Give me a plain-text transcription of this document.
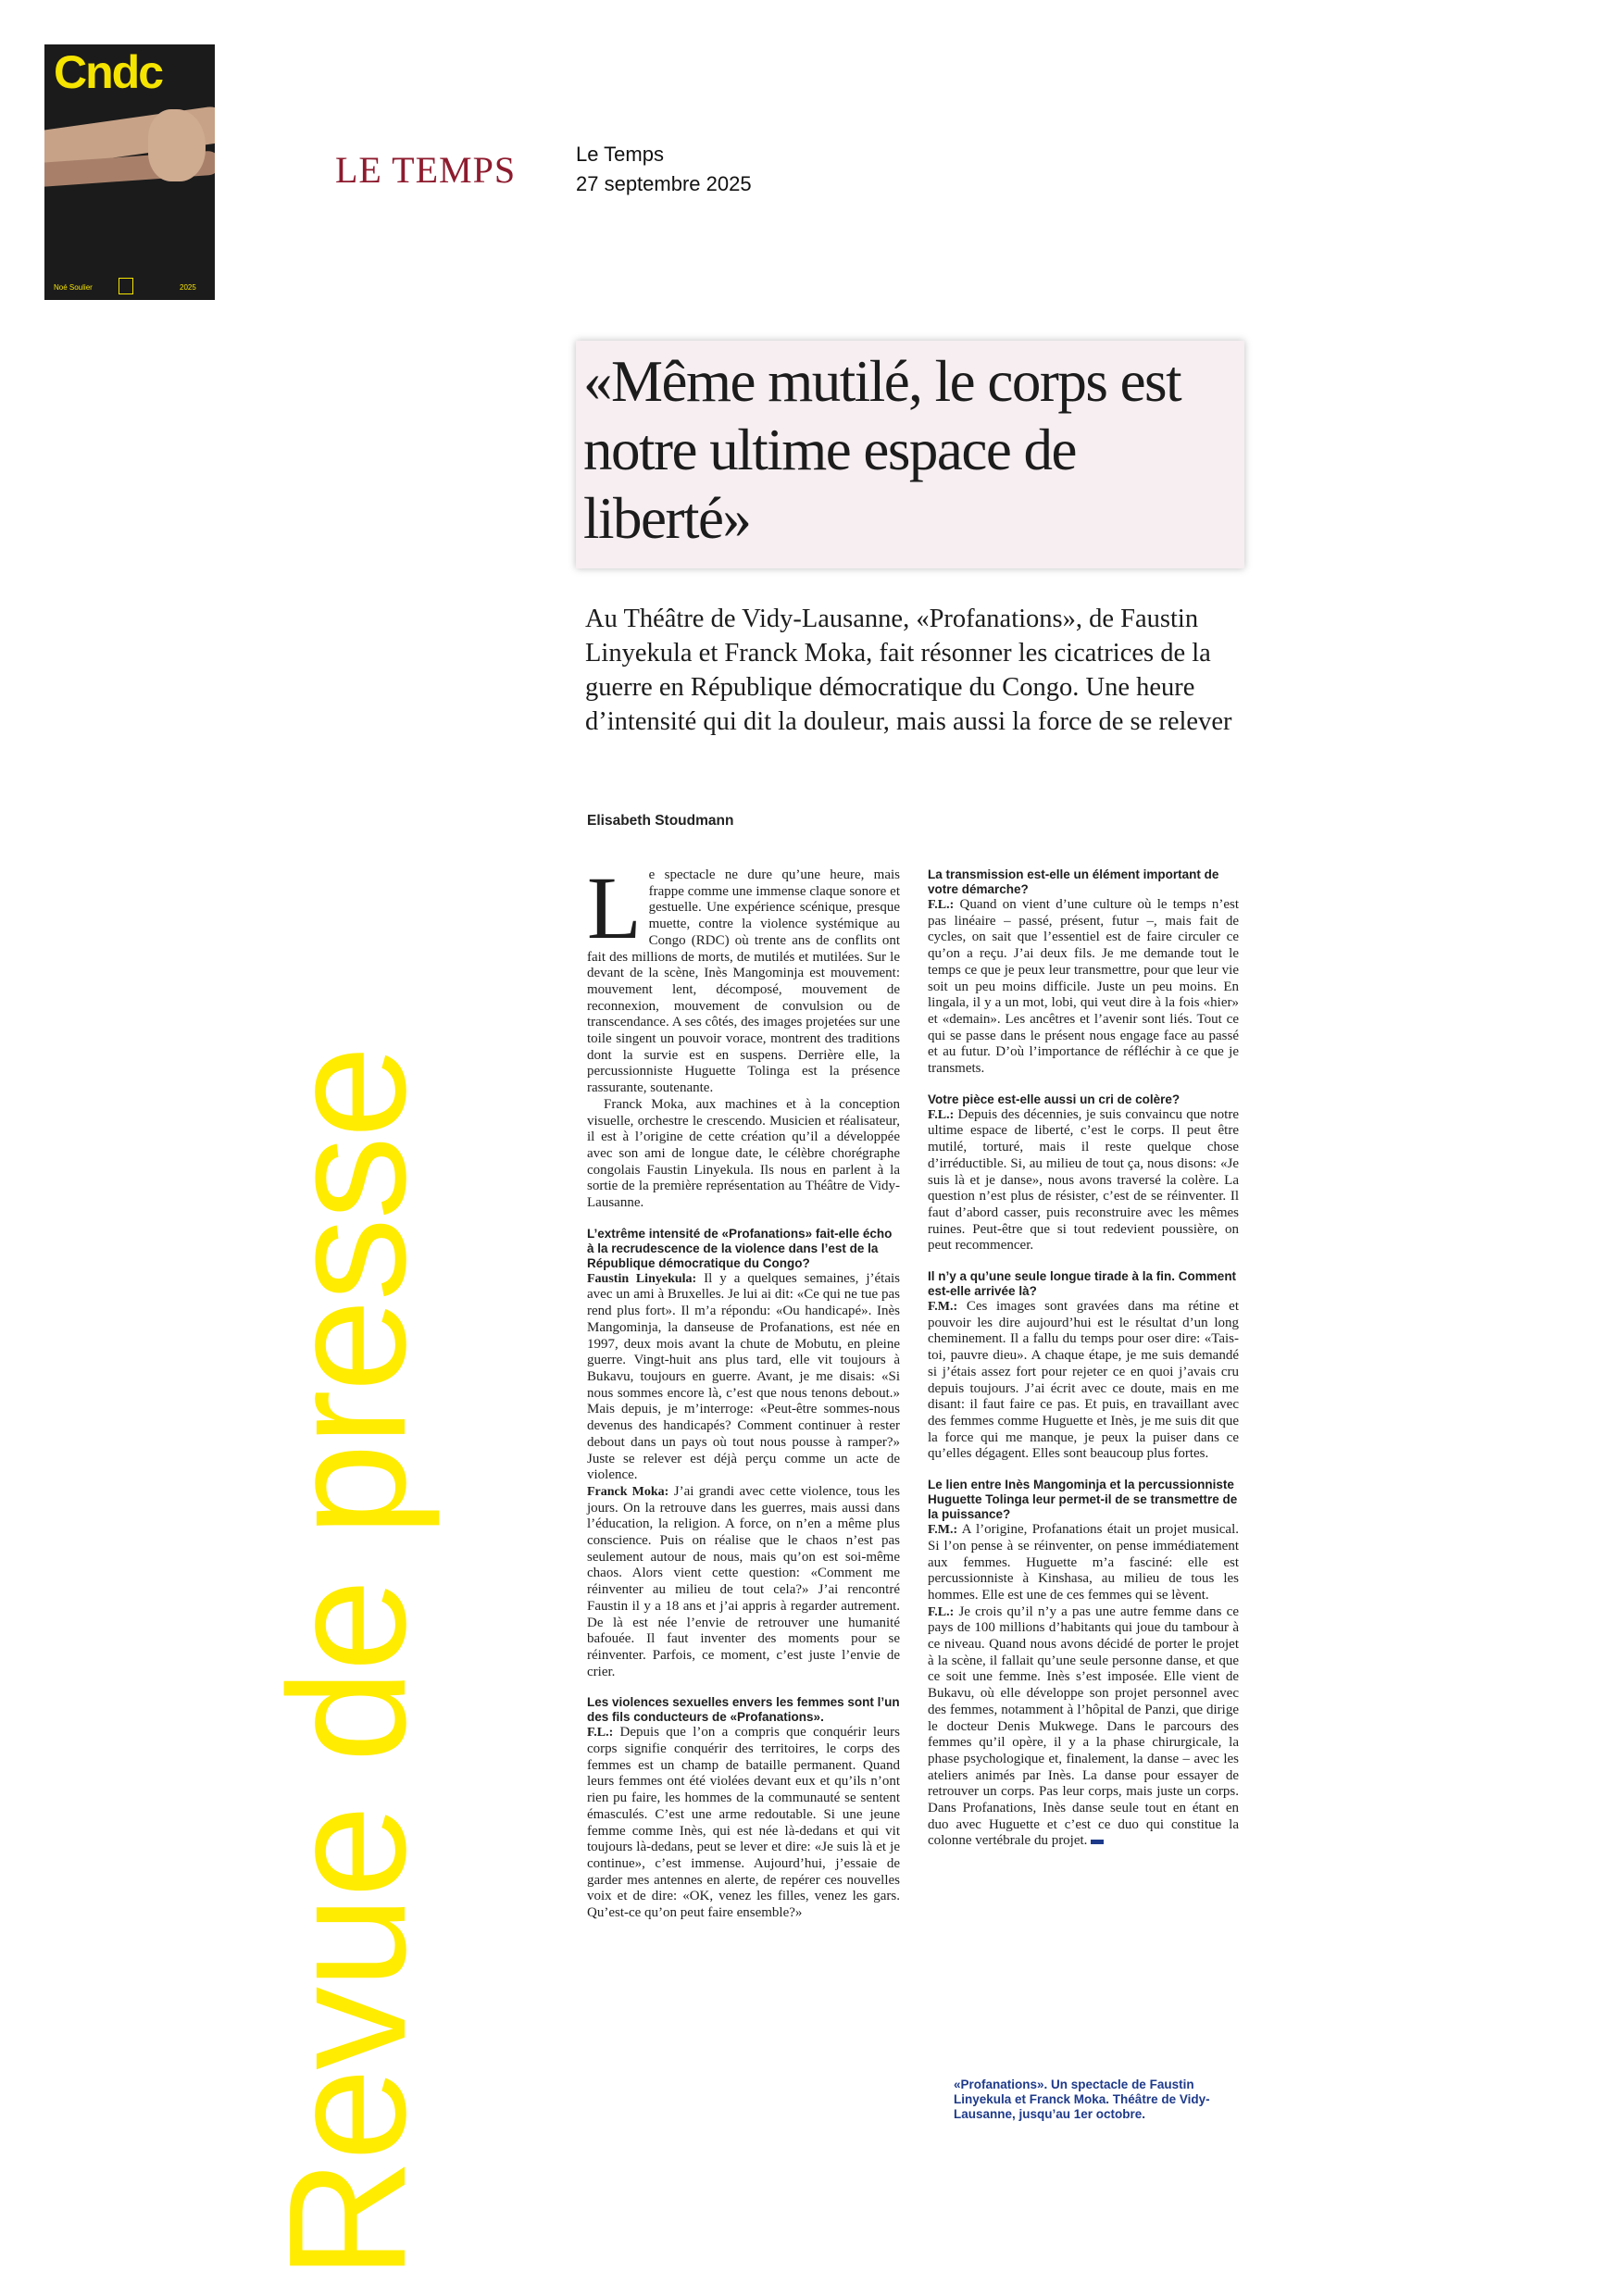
Cndc
Noé Soulier	2025
Revue de presse
LE TEMPS	Le Temps
27 septembre 2025
«Même mutilé, le corps est notre ultime espace de liberté»
Au Théâtre de Vidy-Lausanne, «Profanations», de Faustin Linyekula et Franck Moka, fait résonner les cicatrices de la guerre en République démocratique du Congo. Une heure d’intensité qui dit la douleur, mais aussi la force de se relever
Elisabeth Stoudmann

Le spectacle ne dure qu’une heure, mais frappe comme une immense claque sonore et gestuelle. Une expérience scénique, presque muette, contre la violence systémique au Congo (RDC) où trente ans de conflits ont fait des millions de morts, de mutilés et mutilées. Sur le devant de la scène, Inès Mangominja est mouvement: mouvement lent, décomposé, mouvement de reconnexion, mouvement de convulsion ou de transcendance. A ses côtés, des images projetées sur une toile singent un pouvoir vorace, montrent des traditions dont la survie est en suspens. Derrière elle, la percussionniste Huguette Tolinga est la présence rassurante, soutenante.

Franck Moka, aux machines et à la conception visuelle, orchestre le crescendo. Musicien et réalisateur, il est à l’origine de cette création qu’il a développée avec son ami de longue date, le célèbre chorégraphe congolais Faustin Linyekula. Ils nous en parlent à la sortie de la première représentation au Théâtre de Vidy-Lausanne.

L’extrême intensité de «Profanations» fait-elle écho à la recrudescence de la violence dans l’est de la République démocratique du Congo?

Faustin Linyekula: Il y a quelques semaines, j’étais avec un ami à Bruxelles. Je lui ai dit: «Ce qui ne tue pas rend plus fort». Il m’a répondu: «Ou handicapé». Inès Mangominja, la danseuse de Profanations, est née en 1997, deux mois avant la chute de Mobutu, en pleine guerre. Vingt-huit ans plus tard, elle vit toujours à Bukavu, toujours en guerre. Avant, je me disais: «Si nous sommes encore là, c’est que nous tenons debout.» Mais depuis, je m’interroge: «Peut-être sommes-nous devenus des handicapés? Comment continuer à rester debout dans un pays où tout nous pousse à ramper?» Juste se relever est déjà perçu comme un acte de violence.

Franck Moka: J’ai grandi avec cette violence, tous les jours. On la retrouve dans les guerres, mais aussi dans l’éducation, la religion. A force, on n’en a même plus conscience. Puis on réalise que le chaos n’est pas seulement autour de nous, mais qu’on est soi-même chaos. Alors vient cette question: «Comment me réinventer au milieu de tout cela?» J’ai rencontré Faustin il y a 18 ans et j’ai appris à regarder autrement. De là est née l’envie de retrouver une humanité bafouée. Il faut inventer des moments pour se réinventer. Parfois, ce moment, c’est juste l’envie de crier.

Les violences sexuelles envers les femmes sont l’un des fils conducteurs de «Profanations».

F.L.: Depuis que l’on a compris que conquérir leurs corps signifie conquérir des territoires, le corps des femmes est un champ de bataille permanent. Quand leurs femmes ont été violées devant eux et qu’ils n’ont rien pu faire, les hommes de la communauté se sentent émasculés. C’est une arme redoutable. Si une jeune femme comme Inès, qui est née là-dedans et qui vit toujours là-dedans, peut se lever et dire: «Je suis là et je continue», c’est immense. Aujourd’hui, j’essaie de garder mes antennes en alerte, de repérer ces nouvelles voix et de dire: «OK, venez les filles, venez les gars. Qu’est-ce qu’on peut faire ensemble?»

La transmission est-elle un élément important de votre démarche?

F.L.: Quand on vient d’une culture où le temps n’est pas linéaire – passé, présent, futur –, mais fait de cycles, on sait que l’essentiel est de faire circuler ce qu’on a reçu. J’ai deux fils. Je me demande tout le temps ce que je peux leur transmettre, pour que leur vie soit un peu moins difficile. Juste un peu moins. En lingala, il y a un mot, lobi, qui veut dire à la fois «hier» et «demain». Les ancêtres et l’avenir sont liés. Tout ce qui se passe dans le présent nous engage face au passé et au futur. D’où l’importance de réfléchir à ce que je transmets.

Votre pièce est-elle aussi un cri de colère?

F.L.: Depuis des décennies, je suis convaincu que notre ultime espace de liberté, c’est le corps. Il peut être mutilé, torturé, mais il reste quelque chose d’irréductible. Si, au milieu de tout ça, nous disons: «Je suis là et je danse», nous avons traversé la colère. La question n’est plus de résister, c’est de se réinventer. Il faut d’abord casser, puis reconstruire avec les mêmes ruines. Peut-être que si tout redevient poussière, on peut recommencer.

Il n’y a qu’une seule longue tirade à la fin. Comment est-elle arrivée là?

F.M.: Ces images sont gravées dans ma rétine et pouvoir les dire aujourd’hui est le résultat d’un long cheminement. Il a fallu du temps pour oser dire: «Tais-toi, pauvre dieu». A chaque étape, je me suis demandé si j’étais assez fort pour rejeter ce en quoi j’avais cru depuis toujours. J’ai écrit avec ce doute, mais en me disant: il faut faire ce pas. Et puis, en travaillant avec des femmes comme Huguette et Inès, je me suis dit que la force qui me manque, je peux la puiser dans ce qu’elles dégagent. Elles sont beaucoup plus fortes.

Le lien entre Inès Mangominja et la percussionniste Huguette Tolinga leur permet-il de se transmettre de la puissance?

F.M.: A l’origine, Profanations était un projet musical. Si l’on pense à se réinventer, on pense immédiatement aux femmes. Huguette m’a fasciné: elle est percussionniste à Kinshasa, au milieu de tous les hommes. Elle est une de ces femmes qui se lèvent.

F.L.: Je crois qu’il n’y a pas une autre femme dans ce pays de 100 millions d’habitants qui joue du tambour à ce niveau. Quand nous avons décidé de porter le projet à la scène, il fallait qu’une seule personne danse, et que ce soit une femme. Inès s’est imposée. Elle vient de Bukavu, où elle développe son projet personnel avec des femmes, notamment à l’hôpital de Panzi, que dirige le docteur Denis Mukwege. Dans le parcours des femmes qu’il opère, il y a la phase chirurgicale, la phase psychologique et, finalement, la danse – avec les ateliers animés par Inès. La danse pour essayer de retrouver un corps. Pas leur corps, mais juste un corps. Dans Profanations, Inès danse seule tout en étant en duo avec Huguette et c’est ce duo qui constitue la colonne vertébrale du projet.

«Profanations». Un spectacle de Faustin Linyekula et Franck Moka. Théâtre de Vidy-Lausanne, jusqu’au 1er octobre.
